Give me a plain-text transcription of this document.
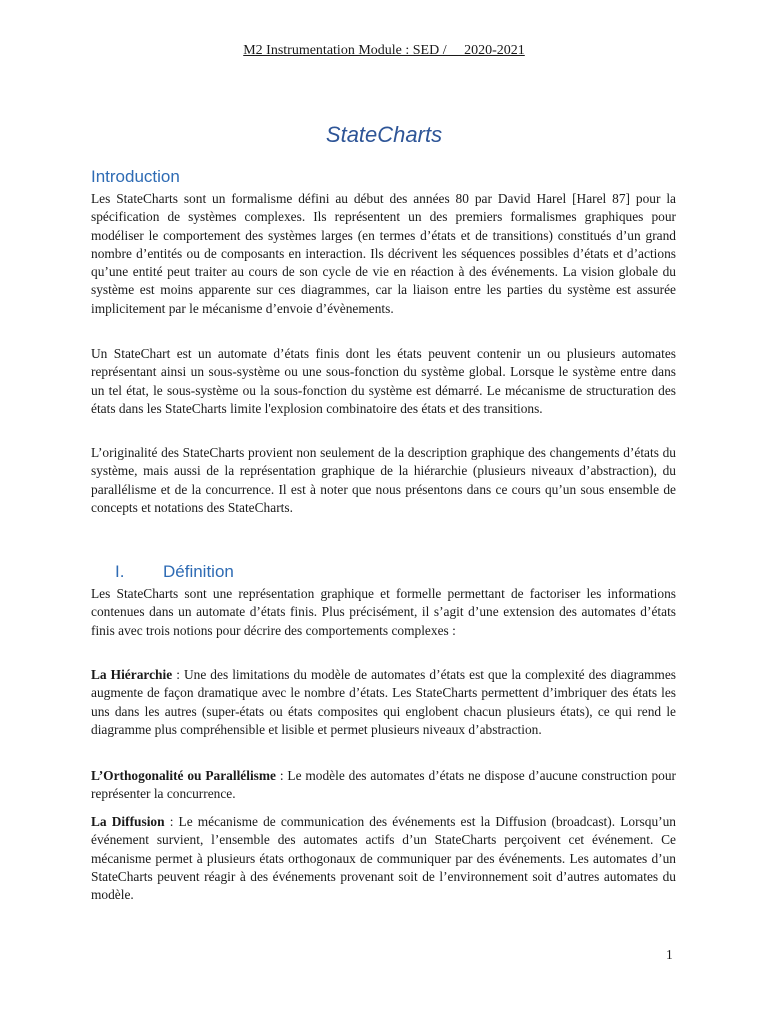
M2 Instrumentation Module : SED /     2020-2021
StateCharts
Introduction

Les StateCharts sont un formalisme défini au début des années 80 par David Harel [Harel 87] pour la spécification de systèmes complexes. Ils représentent un des premiers formalismes graphiques pour modéliser le comportement des systèmes larges (en termes d’états et de transitions) constitués d’un grand nombre d’entités ou de composants en interaction. Ils décrivent les séquences possibles d’états et d’actions qu’une entité peut traiter au cours de son cycle de vie en réaction à des événements. La vision globale du système est moins apparente sur ces diagrammes, car la liaison entre les parties du système est assurée implicitement par le mécanisme d’envoie d’évènements.

Un StateChart est un automate d’états finis dont les états peuvent contenir un ou plusieurs automates représentant ainsi un sous-système ou une sous-fonction du système global. Lorsque le système entre dans un tel état, le sous-système ou la sous-fonction du système est démarré. Le mécanisme de structuration des états dans les StateCharts limite l'explosion combinatoire des états et des transitions.

L’originalité des StateCharts provient non seulement de la description graphique des changements d’états du système, mais aussi de la représentation graphique de la hiérarchie (plusieurs niveaux d’abstraction), du parallélisme et de la concurrence. Il est à noter que nous présentons dans ce cours qu’un sous ensemble de concepts et notations des StateCharts.

I. Définition

Les StateCharts sont une représentation graphique et formelle permettant de factoriser les informations contenues dans un automate d’états finis. Plus précisément, il s’agit d’une extension des automates d’états finis avec trois notions pour décrire des comportements complexes :

La Hiérarchie : Une des limitations du modèle de automates d’états est que la complexité des diagrammes augmente de façon dramatique avec le nombre d’états. Les StateCharts permettent d’imbriquer des états les uns dans les autres (super-états ou états composites qui englobent chacun plusieurs états), ce qui rend le diagramme plus compréhensible et lisible et permet plusieurs niveaux d’abstraction.

L’Orthogonalité ou Parallélisme : Le modèle des automates d’états ne dispose d’aucune construction pour représenter la concurrence.

La Diffusion : Le mécanisme de communication des événements est la Diffusion (broadcast). Lorsqu’un événement survient, l’ensemble des automates actifs d’un StateCharts perçoivent cet événement. Ce mécanisme permet à plusieurs états orthogonaux de communiquer par des événements. Les automates d’un StateCharts peuvent réagir à des événements provenant soit de l’environnement soit d’autres automates du modèle.

1
